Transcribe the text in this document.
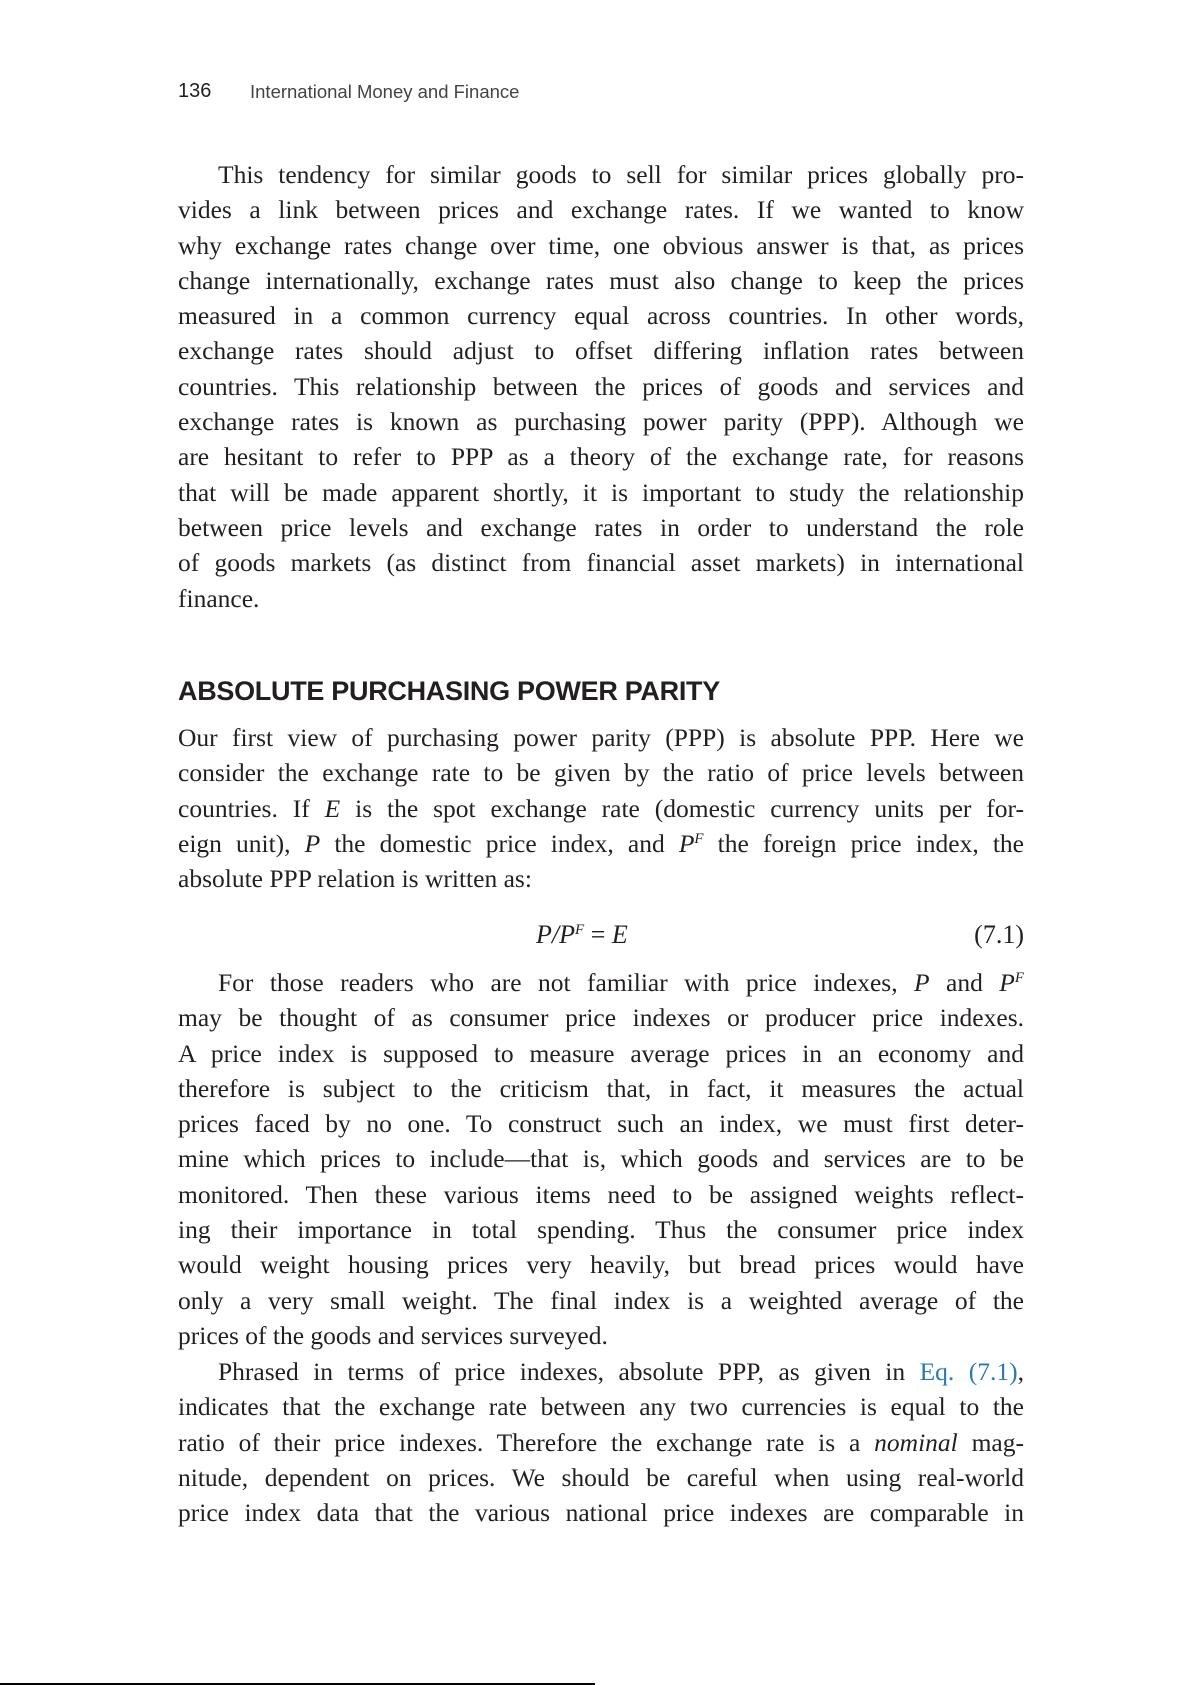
136 International Money and Finance
This tendency for similar goods to sell for similar prices globally pro-
vides a link between prices and exchange rates. If we wanted to know
why exchange rates change over time, one obvious answer is that, as prices
change internationally, exchange rates must also change to keep the prices
measured in a common currency equal across countries. In other words,
exchange rates should adjust to offset differing inflation rates between
countries. This relationship between the prices of goods and services and
exchange rates is known as purchasing power parity (PPP). Although we
are hesitant to refer to PPP as a theory of the exchange rate, for reasons
that will be made apparent shortly, it is important to study the relationship
between price levels and exchange rates in order to understand the role
of goods markets (as distinct from financial asset markets) in international
finance.
ABSOLUTE PURCHASING POWER PARITY
Our first view of purchasing power parity (PPP) is absolute PPP. Here we
consider the exchange rate to be given by the ratio of price levels between
countries. If E is the spot exchange rate (domestic currency units per for-
eign unit), P the domestic price index, and $P^F$ the foreign price index, the
absolute PPP relation is written as:
$P/P^F = E$	(7.1)
For those readers who are not familiar with price indexes, P and $P^F$
may be thought of as consumer price indexes or producer price indexes.
A price index is supposed to measure average prices in an economy and
therefore is subject to the criticism that, in fact, it measures the actual
prices faced by no one. To construct such an index, we must first deter-
mine which prices to include—that is, which goods and services are to be
monitored. Then these various items need to be assigned weights reflect-
ing their importance in total spending. Thus the consumer price index
would weight housing prices very heavily, but bread prices would have
only a very small weight. The final index is a weighted average of the
prices of the goods and services surveyed.
Phrased in terms of price indexes, absolute PPP, as given in Eq. (7.1),
indicates that the exchange rate between any two currencies is equal to the
ratio of their price indexes. Therefore the exchange rate is a nominal mag-
nitude, dependent on prices. We should be careful when using real-world
price index data that the various national price indexes are comparable in
